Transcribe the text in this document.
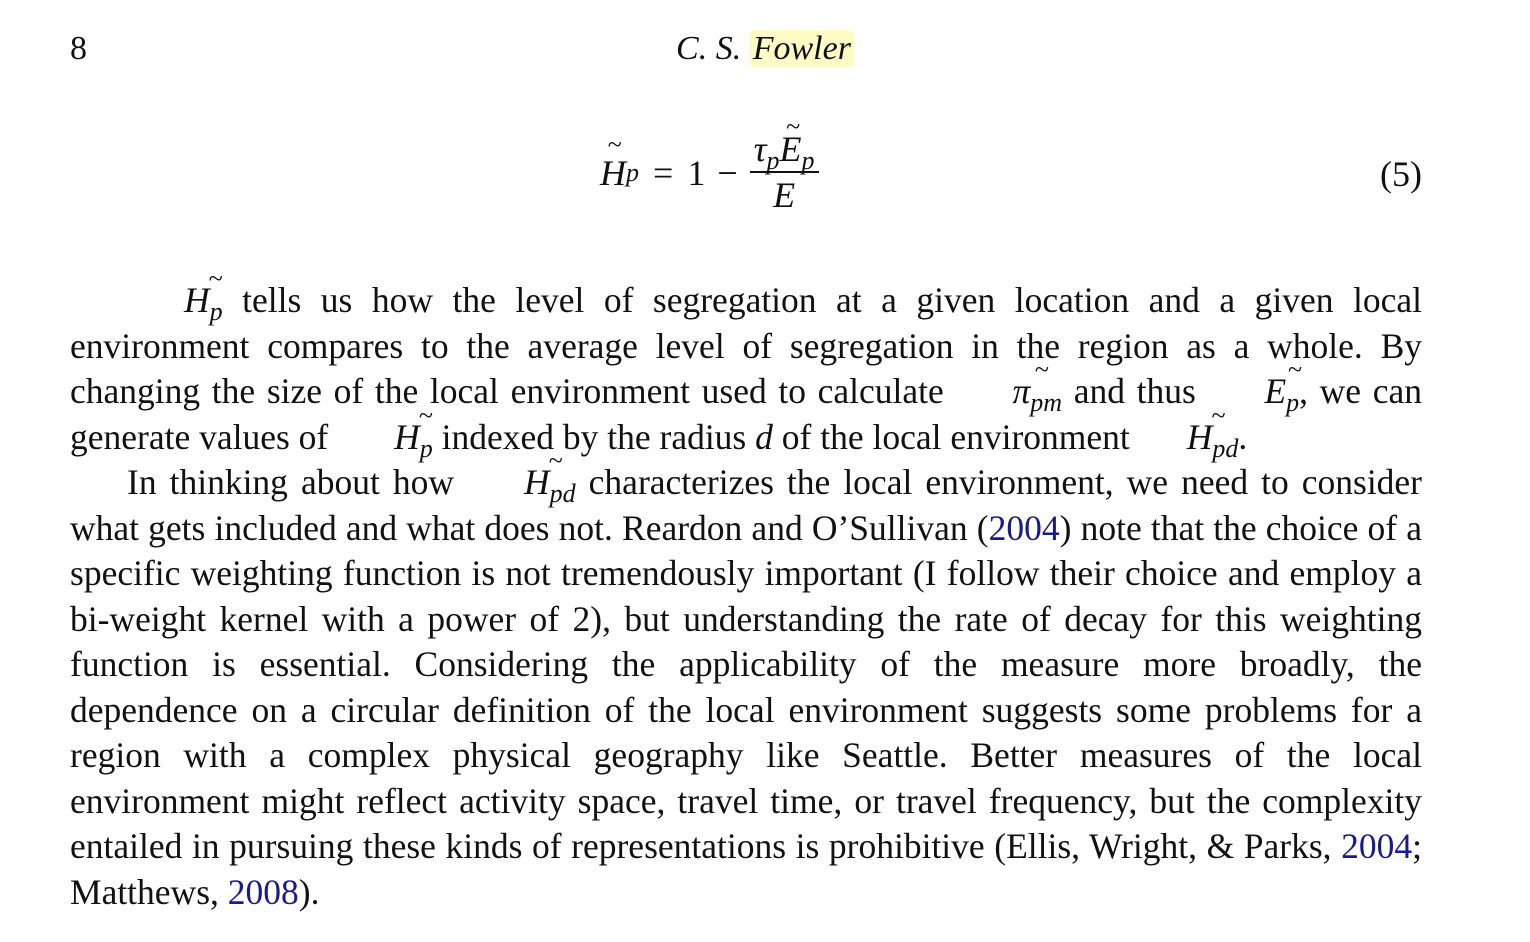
8	C. S. Fowler
~ H $p = 1 - \frac{\tau_p\sim E_p}{E}$	(5)

~ $H_p$ tells us how the level of segregation at a given location and a given local environment compares to the average level of segregation in the region as a whole. By changing the size of the local environment used to calculate ~ $\pi_{pm}$ and thus ~ $E_p$, we can generate values of ~ $H_p$ indexed by the radius d of the local environment ~ $H_{pd}$.

In thinking about how ~ $H_{pd}$ characterizes the local environment, we need to consider what gets included and what does not. Reardon and O’Sullivan (2004) note that the choice of a specific weighting function is not tremendously important (I follow their choice and employ a bi-weight kernel with a power of 2), but understanding the rate of decay for this weighting function is essential. Considering the applicability of the measure more broadly, the dependence on a circular definition of the local environment suggests some problems for a region with a complex physical geography like Seattle. Better measures of the local environment might reflect activity space, travel time, or travel frequency, but the complexity entailed in pursuing these kinds of representations is prohibitive (Ellis, Wright, & Parks, 2004; Matthews, 2008).
